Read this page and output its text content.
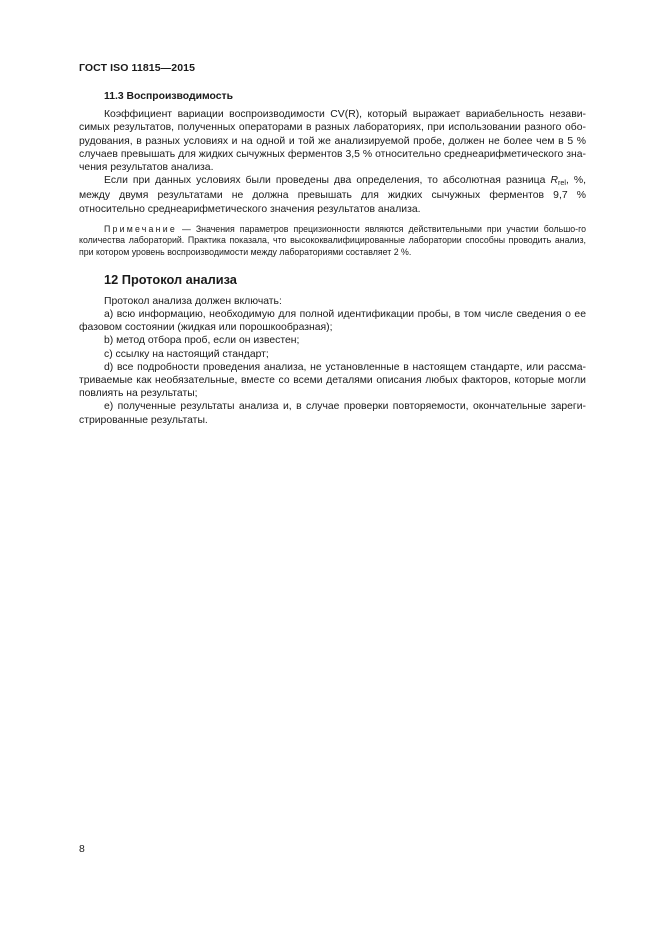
ГОСТ ISO 11815—2015
11.3 Воспроизводимость

Коэффициент вариации воспроизводимости CV(R), который выражает вариабельность незави-симых результатов, полученных операторами в разных лабораториях, при использовании разного обо-рудования, в разных условиях и на одной и той же анализируемой пробе, должен не более чем в 5 % случаев превышать для жидких сычужных ферментов 3,5 % относительно среднеарифметического зна-чения результатов анализа.

Если при данных условиях были проведены два определения, то абсолютная разница $R_{rel}$, %, между двумя результатами не должна превышать для жидких сычужных ферментов 9,7 % относительно среднеарифметического значения результатов анализа.

Примечание — Значения параметров прецизионности являются действительными при участии большо-го количества лабораторий. Практика показала, что высококвалифицированные лаборатории способны проводить анализ, при котором уровень воспроизводимости между лабораториями составляет 2 %.

12 Протокол анализа

Протокол анализа должен включать:

a) всю информацию, необходимую для полной идентификации пробы, в том числе сведения о ее фазовом состоянии (жидкая или порошкообразная);

b) метод отбора проб, если он известен;

c) ссылку на настоящий стандарт;

d) все подробности проведения анализа, не установленные в настоящем стандарте, или рассма-триваемые как необязательные, вместе со всеми деталями описания любых факторов, которые могли повлиять на результаты;

e) полученные результаты анализа и, в случае проверки повторяемости, окончательные зареги-стрированные результаты.

8
